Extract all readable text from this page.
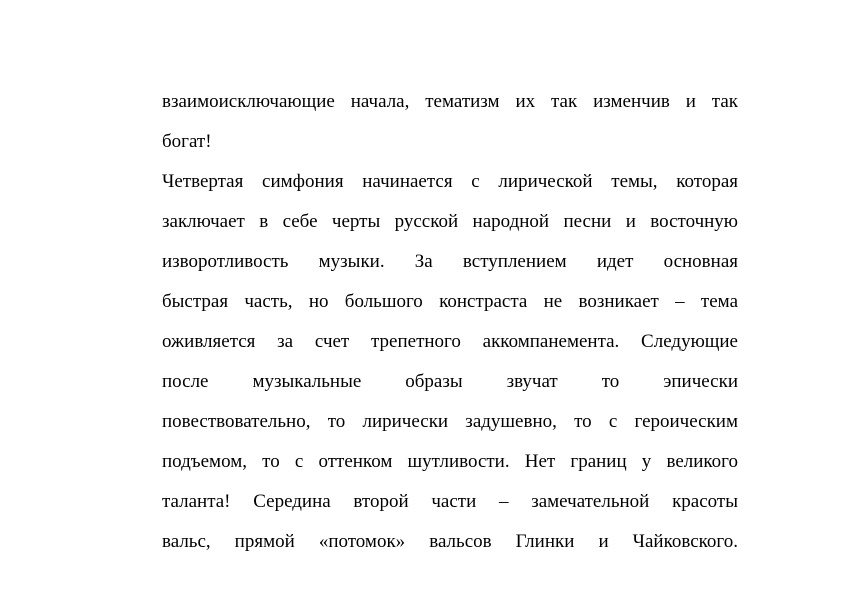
взаимоисключающие начала, тематизм их так изменчив и так
богат!
Четвертая симфония начинается с лирической темы, которая
заключает в себе черты русской народной песни и восточную
изворотливость музыки. За вступлением идет основная
быстрая часть, но большого констраста не возникает – тема
оживляется за счет трепетного аккомпанемента. Следующие
после музыкальные образы звучат то эпически
повествовательно, то лирически задушевно, то с героическим
подъемом, то с оттенком шутливости. Нет границ у великого
таланта! Середина второй части – замечательной красоты
вальс, прямой «потомок» вальсов Глинки и Чайковского.
